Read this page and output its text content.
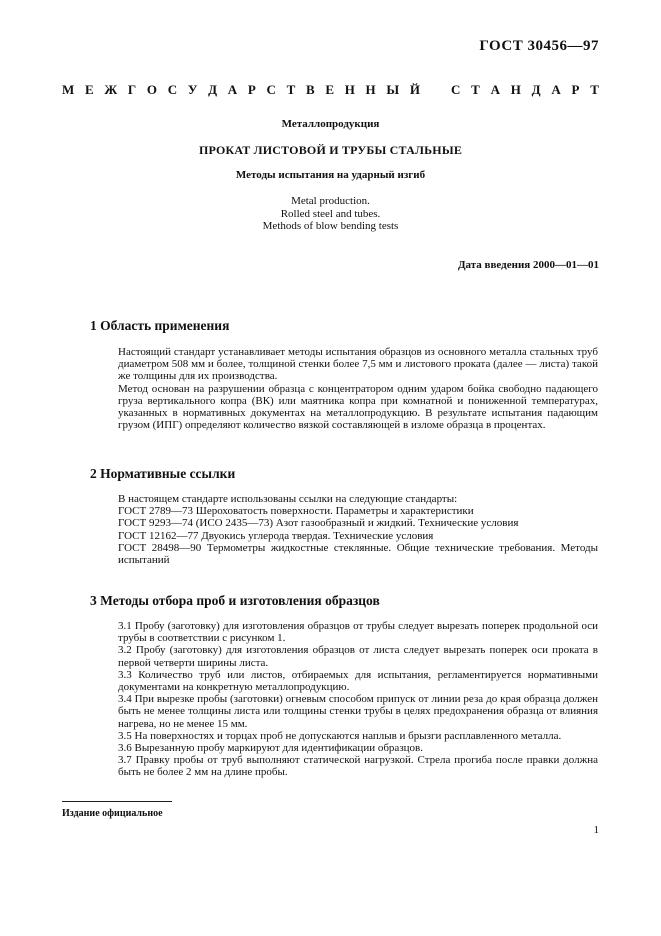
ГОСТ 30456—97
М Е Ж Г О С У Д А Р С Т В Е Н Н Ы Й С Т А Н Д А Р Т
Металлопродукция
ПРОКАТ ЛИСТОВОЙ И ТРУБЫ СТАЛЬНЫЕ
Методы испытания на ударный изгиб
Metal production.
Rolled steel and tubes.
Methods of blow bending tests
Дата введения 2000—01—01
1 Область применения

Настоящий стандарт устанавливает методы испытания образцов из основного металла стальных труб диаметром 508 мм и более, толщиной стенки более 7,5 мм и листового проката (далее — листа) такой же толщины для их производства.

Метод основан на разрушении образца с концентратором одним ударом бойка свободно падающего груза вертикального копра (ВК) или маятника копра при комнатной и пониженной температурах, указанных в нормативных документах на металлопродукцию. В результате испытания падающим грузом (ИПГ) определяют количество вязкой составляющей в изломе образца в процентах.

2 Нормативные ссылки

В настоящем стандарте использованы ссылки на следующие стандарты:

ГОСТ 2789—73 Шероховатость поверхности. Параметры и характеристики

ГОСТ 9293—74 (ИСО 2435—73) Азот газообразный и жидкий. Технические условия

ГОСТ 12162—77 Двуокись углерода твердая. Технические условия

ГОСТ 28498—90 Термометры жидкостные стеклянные. Общие технические требования. Методы испытаний

3 Методы отбора проб и изготовления образцов

3.1 Пробу (заготовку) для изготовления образцов от трубы следует вырезать поперек продольной оси трубы в соответствии с рисунком 1.

3.2 Пробу (заготовку) для изготовления образцов от листа следует вырезать поперек оси проката в первой четверти ширины листа.

3.3 Количество труб или листов, отбираемых для испытания, регламентируется нормативными документами на конкретную металлопродукцию.

3.4 При вырезке пробы (заготовки) огневым способом припуск от линии реза до края образца должен быть не менее толщины листа или толщины стенки трубы в целях предохранения образца от влияния нагрева, но не менее 15 мм.

3.5 На поверхностях и торцах проб не допускаются наплыв и брызги расплавленного металла.

3.6 Вырезанную пробу маркируют для идентификации образцов.

3.7 Правку пробы от труб выполняют статической нагрузкой. Стрела прогиба после правки должна быть не более 2 мм на длине пробы.

Издание официальное
1
